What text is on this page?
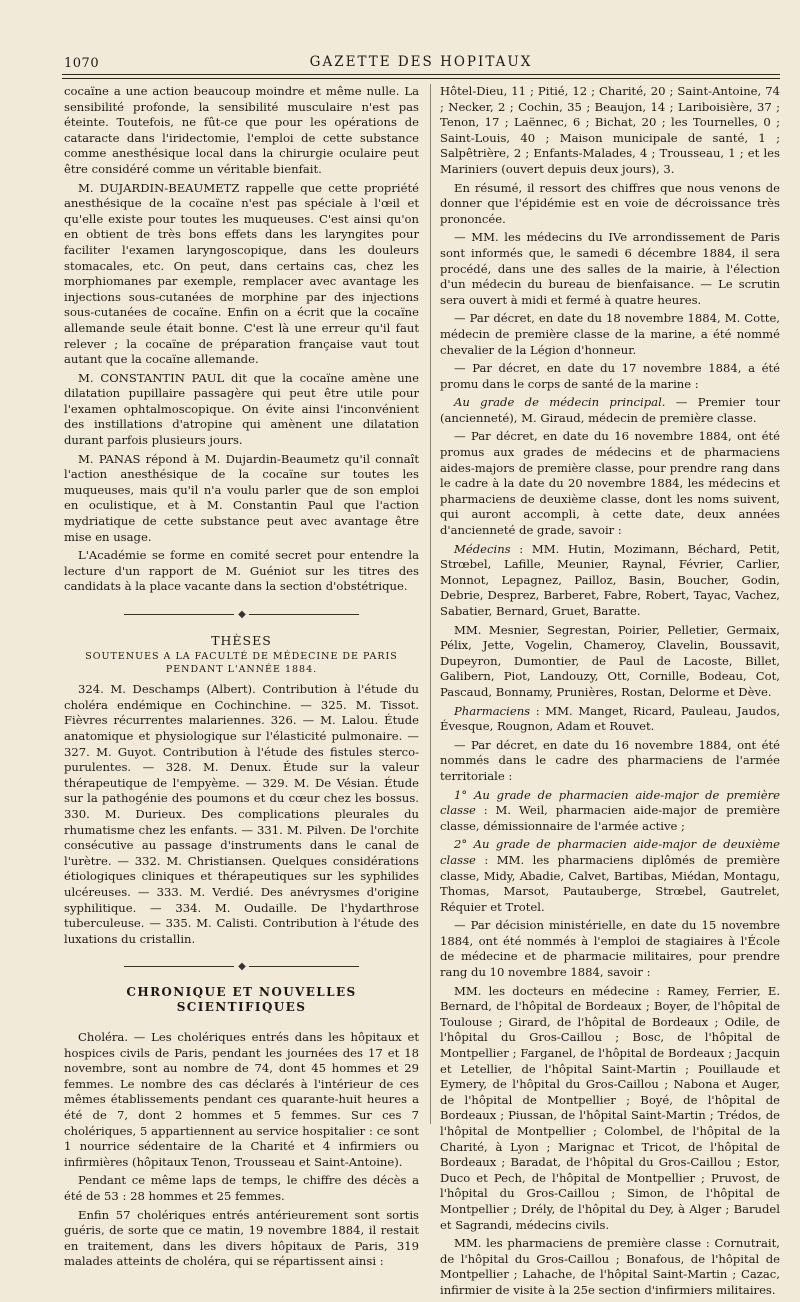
1070	GAZETTE DES HOPITAUX

cocaïne a une action beaucoup moindre et même nulle. La sensibilité profonde, la sensibilité musculaire n'est pas éteinte. Toutefois, ne fût-ce que pour les opérations de cataracte dans l'iridectomie, l'emploi de cette substance comme anesthésique local dans la chirurgie oculaire peut être considéré comme un véritable bienfait.

M. DUJARDIN-BEAUMETZ rappelle que cette propriété anesthésique de la cocaïne n'est pas spéciale à l'œil et qu'elle existe pour toutes les muqueuses. C'est ainsi qu'on en obtient de très bons effets dans les laryngites pour faciliter l'examen laryngoscopique, dans les douleurs stomacales, etc. On peut, dans certains cas, chez les morphiomanes par exemple, remplacer avec avantage les injections sous-cutanées de morphine par des injections sous-cutanées de cocaïne. Enfin on a écrit que la cocaïne allemande seule était bonne. C'est là une erreur qu'il faut relever ; la cocaïne de préparation française vaut tout autant que la cocaïne allemande.

M. CONSTANTIN PAUL dit que la cocaïne amène une dilatation pupillaire passagère qui peut être utile pour l'examen ophtalmoscopique. On évite ainsi l'inconvénient des instillations d'atropine qui amènent une dilatation durant parfois plusieurs jours.

M. PANAS répond à M. Dujardin-Beaumetz qu'il connaît l'action anesthésique de la cocaïne sur toutes les muqueuses, mais qu'il n'a voulu parler que de son emploi en oculistique, et à M. Constantin Paul que l'action mydriatique de cette substance peut avec avantage être mise en usage.

L'Académie se forme en comité secret pour entendre la lecture d'un rapport de M. Guéniot sur les titres des candidats à la place vacante dans la section d'obstétrique.

◆
THÈSES
SOUTENUES A LA FACULTÉ DE MÉDECINE DE PARIS
PENDANT L'ANNÉE 1884.

324. M. Deschamps (Albert). Contribution à l'étude du choléra endémique en Cochinchine. — 325. M. Tissot. Fièvres récurrentes malariennes. 326. — M. Lalou. Étude anatomique et physiologique sur l'élasticité pulmonaire. — 327. M. Guyot. Contribution à l'étude des fistules sterco-purulentes. — 328. M. Denux. Étude sur la valeur thérapeutique de l'empyème. — 329. M. De Vésian. Étude sur la pathogénie des poumons et du cœur chez les bossus. 330. M. Durieux. Des complications pleurales du rhumatisme chez les enfants. — 331. M. Pilven. De l'orchite consécutive au passage d'instruments dans le canal de l'urètre. — 332. M. Christiansen. Quelques considérations étiologiques cliniques et thérapeutiques sur les syphilides ulcéreuses. — 333. M. Verdié. Des anévrysmes d'origine syphilitique. — 334. M. Oudaille. De l'hydarthrose tuberculeuse. — 335. M. Calisti. Contribution à l'étude des luxations du cristallin.

◆
CHRONIQUE ET NOUVELLES SCIENTIFIQUES

Choléra. — Les cholériques entrés dans les hôpitaux et hospices civils de Paris, pendant les journées des 17 et 18 novembre, sont au nombre de 74, dont 45 hommes et 29 femmes. Le nombre des cas déclarés à l'intérieur de ces mêmes établissements pendant ces quarante-huit heures a été de 7, dont 2 hommes et 5 femmes. Sur ces 7 cholériques, 5 appartiennent au service hospitalier : ce sont 1 nourrice sédentaire de la Charité et 4 infirmiers ou infirmières (hôpitaux Tenon, Trousseau et Saint-Antoine).

Pendant ce même laps de temps, le chiffre des décès a été de 53 : 28 hommes et 25 femmes.

Enfin 57 cholériques entrés antérieurement sont sortis guéris, de sorte que ce matin, 19 novembre 1884, il restait en traitement, dans les divers hôpitaux de Paris, 319 malades atteints de choléra, qui se répartissent ainsi :

Hôtel-Dieu, 11 ; Pitié, 12 ; Charité, 20 ; Saint-Antoine, 74 ; Necker, 2 ; Cochin, 35 ; Beaujon, 14 ; Lariboisière, 37 ; Tenon, 17 ; Laënnec, 6 ; Bichat, 20 ; les Tournelles, 0 ; Saint-Louis, 40 ; Maison municipale de santé, 1 ; Salpêtrière, 2 ; Enfants-Malades, 4 ; Trousseau, 1 ; et les Mariniers (ouvert depuis deux jours), 3.

En résumé, il ressort des chiffres que nous venons de donner que l'épidémie est en voie de décroissance très prononcée.

— MM. les médecins du IVe arrondissement de Paris sont informés que, le samedi 6 décembre 1884, il sera procédé, dans une des salles de la mairie, à l'élection d'un médecin du bureau de bienfaisance. — Le scrutin sera ouvert à midi et fermé à quatre heures.

— Par décret, en date du 18 novembre 1884, M. Cotte, médecin de première classe de la marine, a été nommé chevalier de la Légion d'honneur.

— Par décret, en date du 17 novembre 1884, a été promu dans le corps de santé de la marine :

Au grade de médecin principal. — Premier tour (ancienneté), M. Giraud, médecin de première classe.

— Par décret, en date du 16 novembre 1884, ont été promus aux grades de médecins et de pharmaciens aides-majors de première classe, pour prendre rang dans le cadre à la date du 20 novembre 1884, les médecins et pharmaciens de deuxième classe, dont les noms suivent, qui auront accompli, à cette date, deux années d'ancienneté de grade, savoir :

Médecins : MM. Hutin, Mozimann, Béchard, Petit, Strœbel, Lafille, Meunier, Raynal, Février, Carlier, Monnot, Lepagnez, Pailloz, Basin, Boucher, Godin, Debrie, Desprez, Barberet, Fabre, Robert, Tayac, Vachez, Sabatier, Bernard, Gruet, Baratte.

MM. Mesnier, Segrestan, Poirier, Pelletier, Germaix, Pélix, Jette, Vogelin, Chameroy, Clavelin, Boussavit, Dupeyron, Dumontier, de Paul de Lacoste, Billet, Galibern, Piot, Landouzy, Ott, Cornille, Bodeau, Cot, Pascaud, Bonnamy, Prunières, Rostan, Delorme et Dève.

Pharmaciens : MM. Manget, Ricard, Pauleau, Jaudos, Évesque, Rougnon, Adam et Rouvet.

— Par décret, en date du 16 novembre 1884, ont été nommés dans le cadre des pharmaciens de l'armée territoriale :

1° Au grade de pharmacien aide-major de première classe : M. Weil, pharmacien aide-major de première classe, démissionnaire de l'armée active ;

2° Au grade de pharmacien aide-major de deuxième classe : MM. les pharmaciens diplômés de première classe, Midy, Abadie, Calvet, Bartibas, Miédan, Montagu, Thomas, Marsot, Pautauberge, Strœbel, Gautrelet, Réquier et Trotel.

— Par décision ministérielle, en date du 15 novembre 1884, ont été nommés à l'emploi de stagiaires à l'École de médecine et de pharmacie militaires, pour prendre rang du 10 novembre 1884, savoir :

MM. les docteurs en médecine : Ramey, Ferrier, E. Bernard, de l'hôpital de Bordeaux ; Boyer, de l'hôpital de Toulouse ; Girard, de l'hôpital de Bordeaux ; Odile, de l'hôpital du Gros-Caillou ; Bosc, de l'hôpital de Montpellier ; Farganel, de l'hôpital de Bordeaux ; Jacquin et Letellier, de l'hôpital Saint-Martin ; Pouillaude et Eymery, de l'hôpital du Gros-Caillou ; Nabona et Auger, de l'hôpital de Montpellier ; Boyé, de l'hôpital de Bordeaux ; Piussan, de l'hôpital Saint-Martin ; Trédos, de l'hôpital de Montpellier ; Colombel, de l'hôpital de la Charité, à Lyon ; Marignac et Tricot, de l'hôpital de Bordeaux ; Baradat, de l'hôpital du Gros-Caillou ; Estor, Duco et Pech, de l'hôpital de Montpellier ; Pruvost, de l'hôpital du Gros-Caillou ; Simon, de l'hôpital de Montpellier ; Drély, de l'hôpital du Dey, à Alger ; Barudel et Sagrandi, médecins civils.

MM. les pharmaciens de première classe : Cornutrait, de l'hôpital du Gros-Caillou ; Bonafous, de l'hôpital de Montpellier ; Lahache, de l'hôpital Saint-Martin ; Cazac, infirmier de visite à la 25e section d'infirmiers militaires.
